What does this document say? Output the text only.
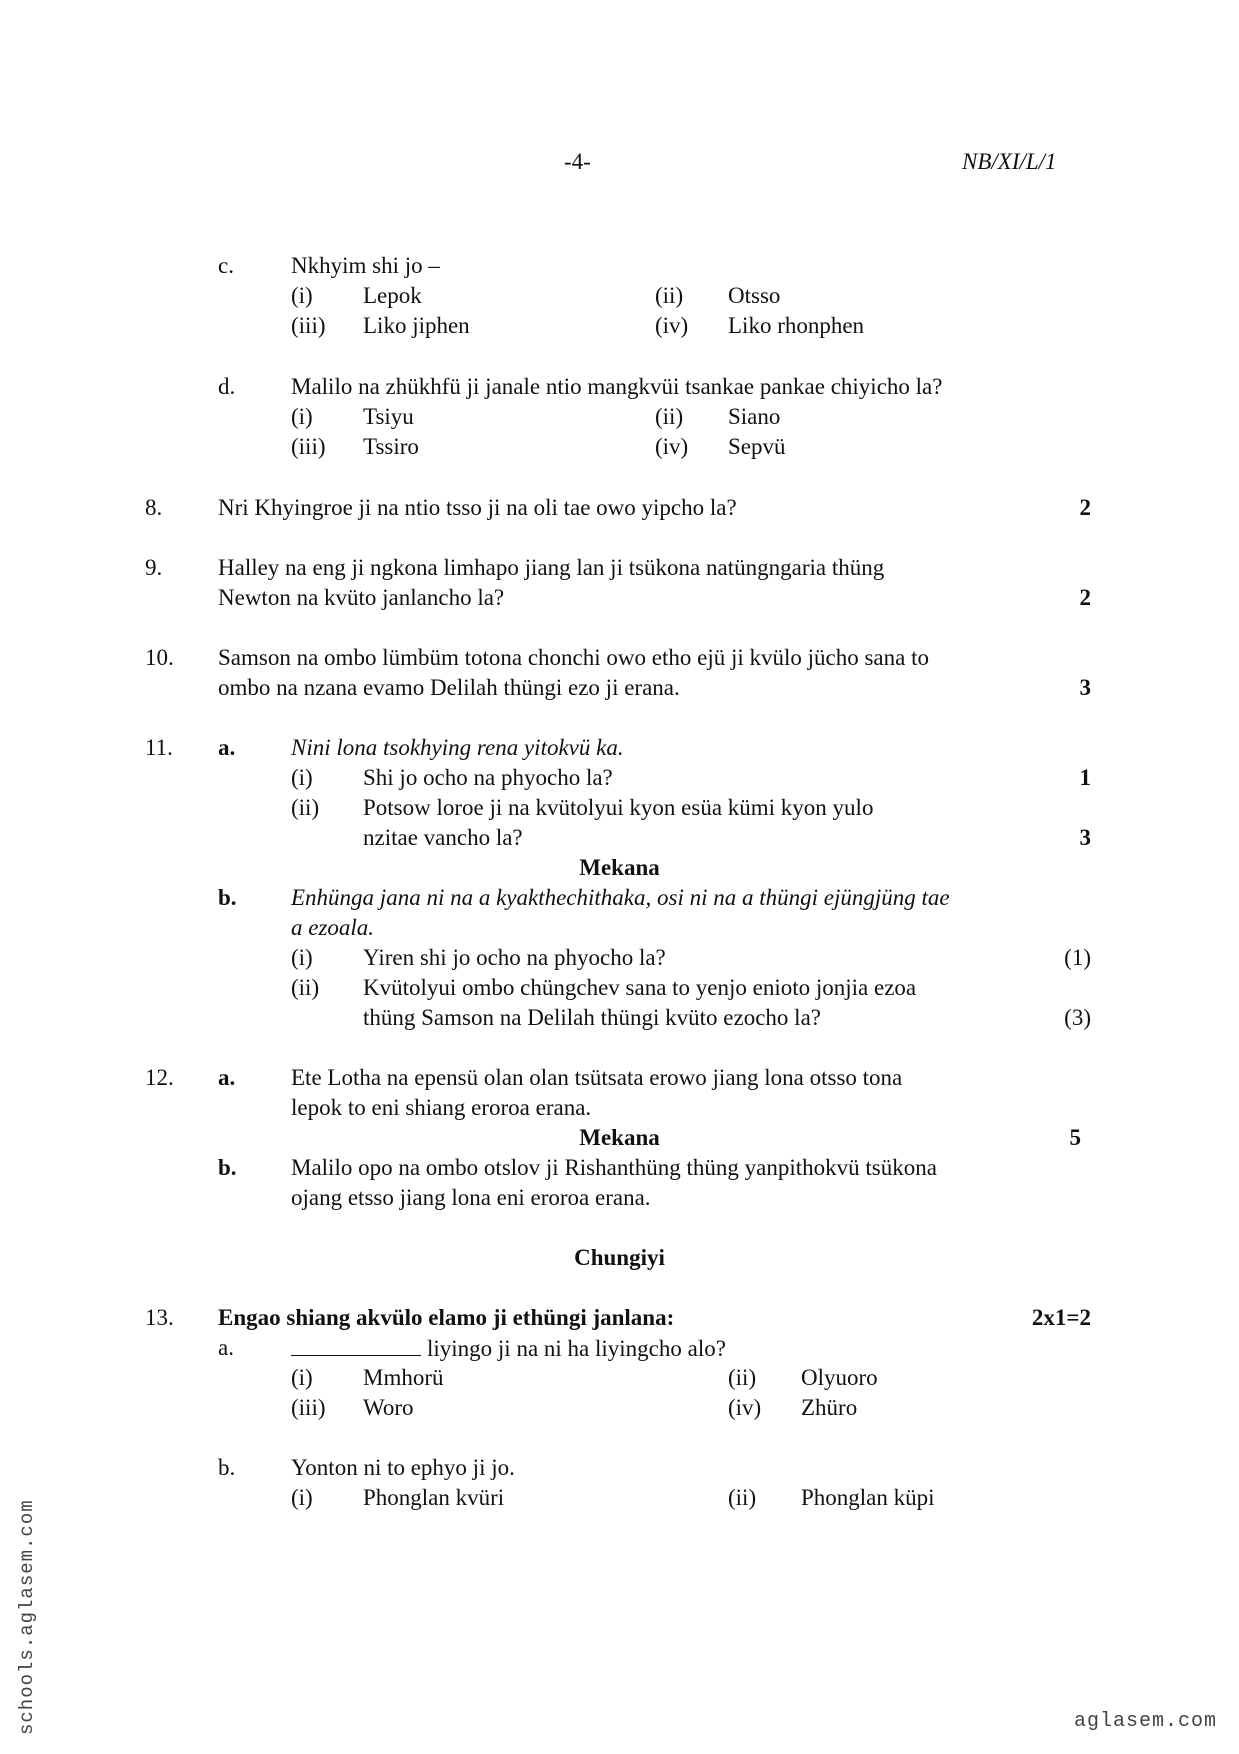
-4-	NB/XI/L/1
c. Nkhyim shi jo –
(i) Lepok	(ii) Otsso
(iii) Liko jiphen	(iv) Liko rhonphen
d. Malilo na zhükhfü ji janale ntio mangkvüi tsankae pankae chiyicho la?
(i) Tsiyu	(ii) Siano
(iii) Tssiro	(iv) Sepvü
8. Nri Khyingroe ji na ntio tsso ji na oli tae owo yipcho la?	2
9. Halley na eng ji ngkona limhapo jiang lan ji tsükona natüngngaria thüng
Newton na kvüto janlancho la?	2
10. Samson na ombo lümbüm totona chonchi owo etho ejü ji kvülo jücho sana to
ombo na nzana evamo Delilah thüngi ezo ji erana.	3
11. a. Nini lona tsokhying rena yitokvü ka.
(i) Shi jo ocho na phyocho la?	1
(ii) Potsow loroe ji na kvütolyui kyon esüa kümi kyon yulo
nzitae vancho la?	3
Mekana
b. Enhünga jana ni na a kyakthechithaka, osi ni na a thüngi ejüngjüng tae
a ezoala.
(i) Yiren shi jo ocho na phyocho la?	(1)
(ii) Kvütolyui ombo chüngchev sana to yenjo enioto jonjia ezoa
thüng Samson na Delilah thüngi kvüto ezocho la?	(3)
12. a. Ete Lotha na epensü olan olan tsütsata erowo jiang lona otsso tona
lepok to eni shiang eroroa erana.
Mekana	5
b. Malilo opo na ombo otslov ji Rishanthüng thüng yanpithokvü tsükona
ojang etsso jiang lona eni eroroa erana.
Chungiyi
13. Engao shiang akvülo elamo ji ethüngi janlana:	2x1=2
a.	liyingo ji na ni ha liyingcho alo?
(i) Mmhorü	(ii) Olyuoro
(iii) Woro	(iv) Zhüro
b. Yonton ni to ephyo ji jo.
(i) Phonglan kvüri	(ii) Phonglan küpi
schools.aglasem.com	aglasem.com
